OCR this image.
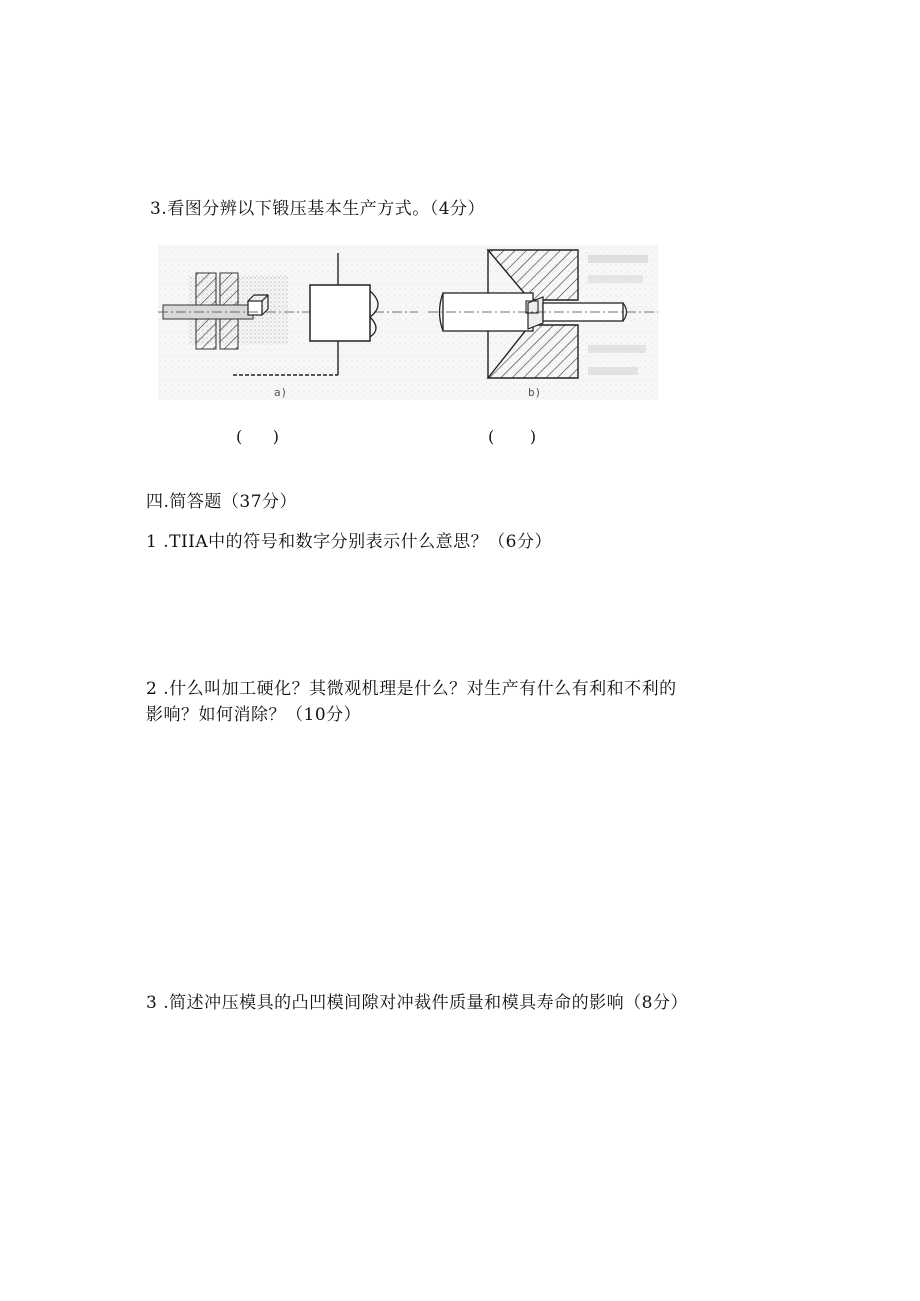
3.看图分辨以下锻压基本生产方式。（4分）
a)	b)
(      )	(       )
四.简答题（37分）
1 .TIIA中的符号和数字分别表示什么意思？（6分）
2 .什么叫加工硬化？其微观机理是什么？对生产有什么有利和不利的
影响？如何消除？（10分）
3 .简述冲压模具的凸凹模间隙对冲裁件质量和模具寿命的影响（8分）
